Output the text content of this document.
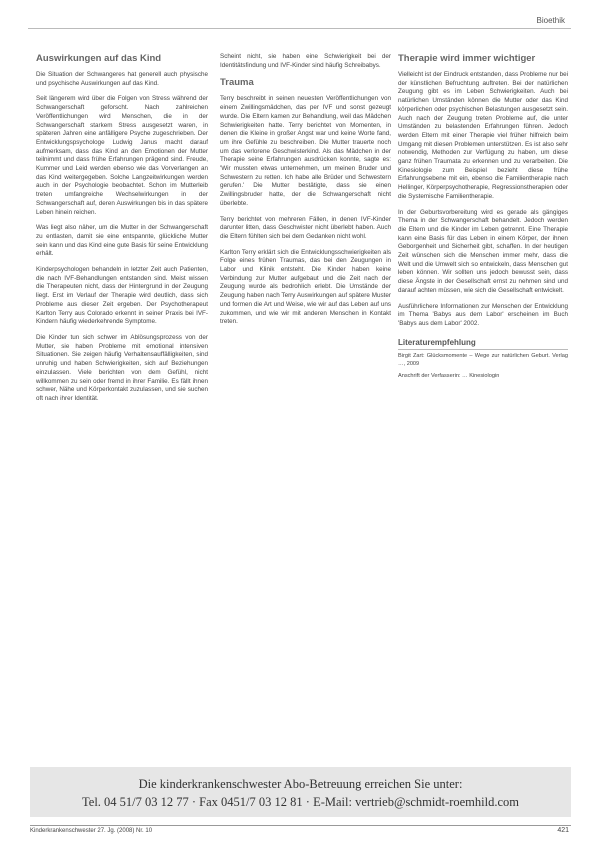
Bioethik
Auswirkungen auf das Kind

Die Situation der Schwangeres hat generell auch physische und psychische Auswirkungen auf das Kind.

Seit längerem wird über die Folgen von Stress während der Schwangerschaft geforscht. Nach zahlreichen Veröffentlichungen wird Menschen, die in der Schwangerschaft starkem Stress ausgesetzt waren, in späteren Jahren eine anfälligere Psyche zugeschrieben. Der Entwicklungspsychologe Ludwig Janus macht darauf aufmerksam, dass das Kind an den Emotionen der Mutter teilnimmt und dass frühe Erfahrungen prägend sind. Freude, Kummer und Leid werden ebenso wie das Vorverlangen an das Kind weitergegeben. Solche Langzeitwirkungen werden auch in der Psychologie beobachtet. Schon im Mutterleib treten umfangreiche Wechselwirkungen in der Schwangerschaft auf, deren Auswirkungen bis in das spätere Leben hinein reichen.

Was liegt also näher, um die Mutter in der Schwangerschaft zu entlasten, damit sie eine entspannte, glückliche Mutter sein kann und das Kind eine gute Basis für seine Entwicklung erhält.

Kinderpsychologen behandeln in letzter Zeit auch Patienten, die nach IVF-Behandlungen entstanden sind. Meist wissen die Therapeuten nicht, dass der Hintergrund in der Zeugung liegt. Erst im Verlauf der Therapie wird deutlich, dass sich Probleme aus dieser Zeit ergeben. Der Psychotherapeut Karlton Terry aus Colorado erkennt in seiner Praxis bei IVF-Kindern häufig wiederkehrende Symptome.

Die Kinder tun sich schwer im Ablösungsprozess von der Mutter, sie haben Probleme mit emotional intensiven Situationen. Sie zeigen häufig Verhaltensauffälligkeiten, sind unruhig und haben Schwierigkeiten, sich auf Beziehungen einzulassen. Viele berichten von dem Gefühl, nicht willkommen zu sein oder fremd in ihrer Familie. Es fällt ihnen schwer, Nähe und Körperkontakt zuzulassen, und sie suchen oft nach ihrer Identität.

Scheint nicht, sie haben eine Schwierigkeit bei der Identitätsfindung und IVF-Kinder sind häufig Schreibabys.

Trauma

Terry beschreibt in seinen neuesten Veröffentlichungen von einem Zwillingsmädchen, das per IVF und sonst gezeugt wurde. Die Eltern kamen zur Behandlung, weil das Mädchen Schwierigkeiten hatte. Terry berichtet von Momenten, in denen die Kleine in großer Angst war und keine Worte fand, um ihre Gefühle zu beschreiben. Die Mutter trauerte noch um das verlorene Geschwisterkind. Als das Mädchen in der Therapie seine Erfahrungen ausdrücken konnte, sagte es: 'Wir mussten etwas unternehmen, um meinen Bruder und Schwestern zu retten. Ich habe alle Brüder und Schwestern gerufen.' Die Mutter bestätigte, dass sie einen Zwillingsbruder hatte, der die Schwangerschaft nicht überlebte.

Terry berichtet von mehreren Fällen, in denen IVF-Kinder darunter litten, dass Geschwister nicht überlebt haben. Auch die Eltern fühlten sich bei dem Gedanken nicht wohl.

Karlton Terry erklärt sich die Entwicklungsschwierigkeiten als Folge eines frühen Traumas, das bei den Zeugungen in Labor und Klinik entsteht. Die Kinder haben keine Verbindung zur Mutter aufgebaut und die Zeit nach der Zeugung wurde als bedrohlich erlebt. Die Umstände der Zeugung haben nach Terry Auswirkungen auf spätere Muster und formen die Art und Weise, wie wir auf das Leben auf uns zukommen, und wie wir mit anderen Menschen in Kontakt treten.

Therapie wird immer wichtiger

Vielleicht ist der Eindruck entstanden, dass Probleme nur bei der künstlichen Befruchtung auftreten. Bei der natürlichen Zeugung gibt es im Leben Schwierigkeiten. Auch bei natürlichen Umständen können die Mutter oder das Kind körperlichen oder psychischen Belastungen ausgesetzt sein. Auch nach der Zeugung treten Probleme auf, die unter Umständen zu belastenden Erfahrungen führen. Jedoch werden Eltern mit einer Therapie viel früher hilfreich beim Umgang mit diesen Problemen unterstützen. Es ist also sehr notwendig, Methoden zur Verfügung zu haben, um diese ganz frühen Traumata zu erkennen und zu verarbeiten. Die Kinesiologie zum Beispiel bezieht diese frühe Erfahrungsebene mit ein, ebenso die Familientherapie nach Hellinger, Körperpsychotherapie, Regressionstherapien oder die Systemische Familientherapie.

In der Geburtsvorbereitung wird es gerade als gängiges Thema in der Schwangerschaft behandelt. Jedoch werden die Eltern und die Kinder im Leben getrennt. Eine Therapie kann eine Basis für das Leben in einem Körper, der ihnen Geborgenheit und Sicherheit gibt, schaffen. In der heutigen Zeit wünschen sich die Menschen immer mehr, dass die Welt und die Umwelt sich so entwickeln, dass Menschen gut leben können. Wir sollten uns jedoch bewusst sein, dass diese Ängste in der Gesellschaft ernst zu nehmen sind und darauf achten müssen, wie sich die Gesellschaft entwickelt.

Ausführlichere Informationen zur Menschen der Entwicklung im Thema 'Babys aus dem Labor' erscheinen im Buch 'Babys aus dem Labor' 2002.

Literaturempfehlung

Birgit Zart: Glücksmomente – Wege zur natürlichen Geburt. Verlag …, 2009

Anschrift der Verfasserin: … Kinesiologin

Die kinderkrankenschwester Abo-Betreuung erreichen Sie unter:
Tel. 04 51/7 03 12 77 · Fax 0451/7 03 12 81 · E-Mail: vertrieb@schmidt-roemhild.com
Kinderkrankenschwester 27. Jg. (2008) Nr. 10	421
